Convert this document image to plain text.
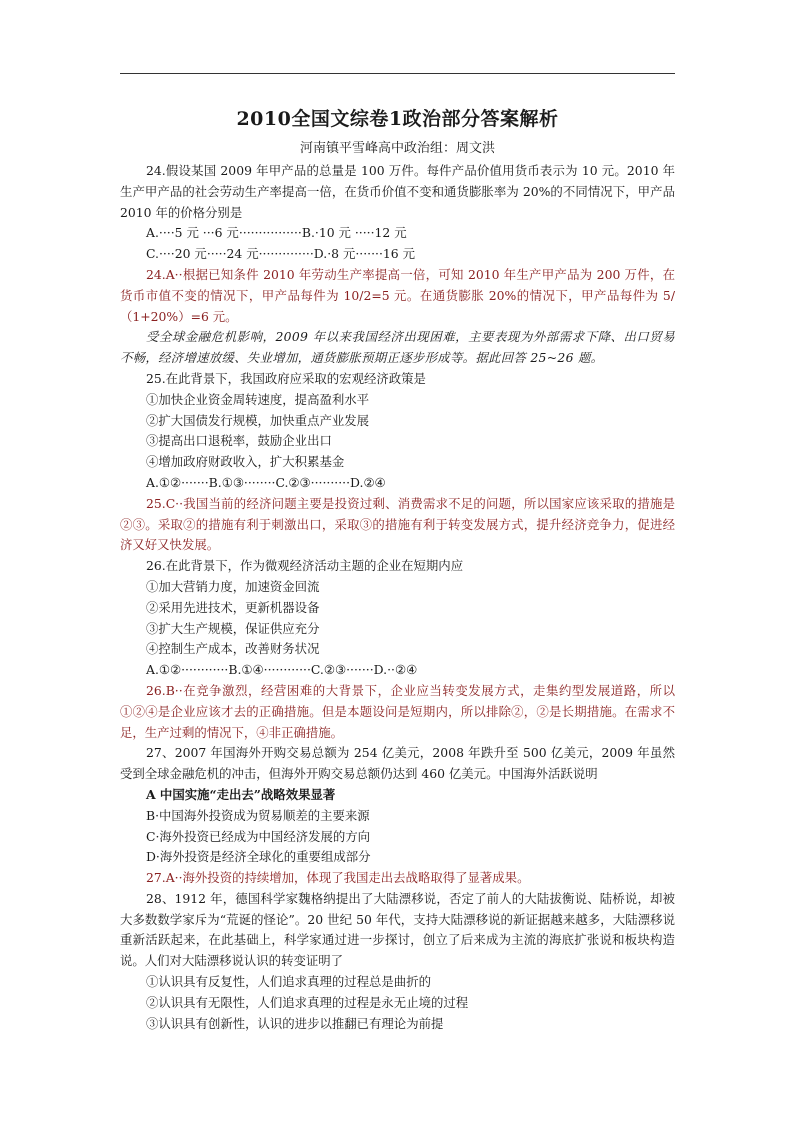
2010全国文综卷1政治部分答案解析
河南镇平雪峰高中政治组：周文洪

24.假设某国 2009 年甲产品的总量是 100 万件。每件产品价值用货币表示为 10 元。2010 年生产甲产品的社会劳动生产率提高一倍，在货币价值不变和通货膨胀率为 20%的不同情况下，甲产品 2010 年的价格分别是

A.····5 元 ···6 元················B.·10 元 ·····12 元

C.····20 元·····24 元··············D.·8 元·······16 元

24.A··根据已知条件 2010 年劳动生产率提高一倍，可知 2010 年生产甲产品为 200 万件，在货币市值不变的情况下，甲产品每件为 10/2=5 元。在通货膨胀 20%的情况下，甲产品每件为 5/（1+20%）=6 元。

受全球金融危机影响，2009 年以来我国经济出现困难，主要表现为外部需求下降、出口贸易不畅，经济增速放缓、失业增加，通货膨胀预期正逐步形成等。据此回答 25~26 题。

25.在此背景下，我国政府应采取的宏观经济政策是

①加快企业资金周转速度，提高盈利水平

②扩大国债发行规模，加快重点产业发展

③提高出口退税率，鼓励企业出口

④增加政府财政收入，扩大积累基金

A.①②·······B.①③········C.②③··········D.②④

25.C··我国当前的经济问题主要是投资过剩、消费需求不足的问题，所以国家应该采取的措施是②③。采取②的措施有利于刺激出口，采取③的措施有利于转变发展方式，提升经济竞争力，促进经济又好又快发展。

26.在此背景下，作为微观经济活动主题的企业在短期内应

①加大营销力度，加速资金回流

②采用先进技术，更新机器设备

③扩大生产规模，保证供应充分

④控制生产成本，改善财务状况

A.①②············B.①④············C.②③·······D.··②④

26.B··在竞争激烈，经营困难的大背景下，企业应当转变发展方式，走集约型发展道路，所以①②④是企业应该才去的正确措施。但是本题设问是短期内，所以排除②，②是长期措施。在需求不足，生产过剩的情况下，④非正确措施。

27、2007 年国海外开购交易总额为 254 亿美元，2008 年跌升至 500 亿美元，2009 年虽然受到全球金融危机的冲击，但海外开购交易总额仍达到 460 亿美元。中国海外活跃说明

A 中国实施“走出去”战略效果显著

B·中国海外投资成为贸易顺差的主要来源

C·海外投资已经成为中国经济发展的方向

D·海外投资是经济全球化的重要组成部分

27.A··海外投资的持续增加，体现了我国走出去战略取得了显著成果。

28、1912 年，德国科学家魏格纳提出了大陆漂移说，否定了前人的大陆拔衡说、陆桥说，却被大多数数学家斥为“荒诞的怪论”。20 世纪 50 年代，支持大陆漂移说的新证据越来越多，大陆漂移说重新活跃起来，在此基础上，科学家通过进一步探讨，创立了后来成为主流的海底扩张说和板块构造说。人们对大陆漂移说认识的转变证明了

①认识具有反复性，人们追求真理的过程总是曲折的

②认识具有无限性，人们追求真理的过程是永无止境的过程

③认识具有创新性，认识的进步以推翻已有理论为前提
